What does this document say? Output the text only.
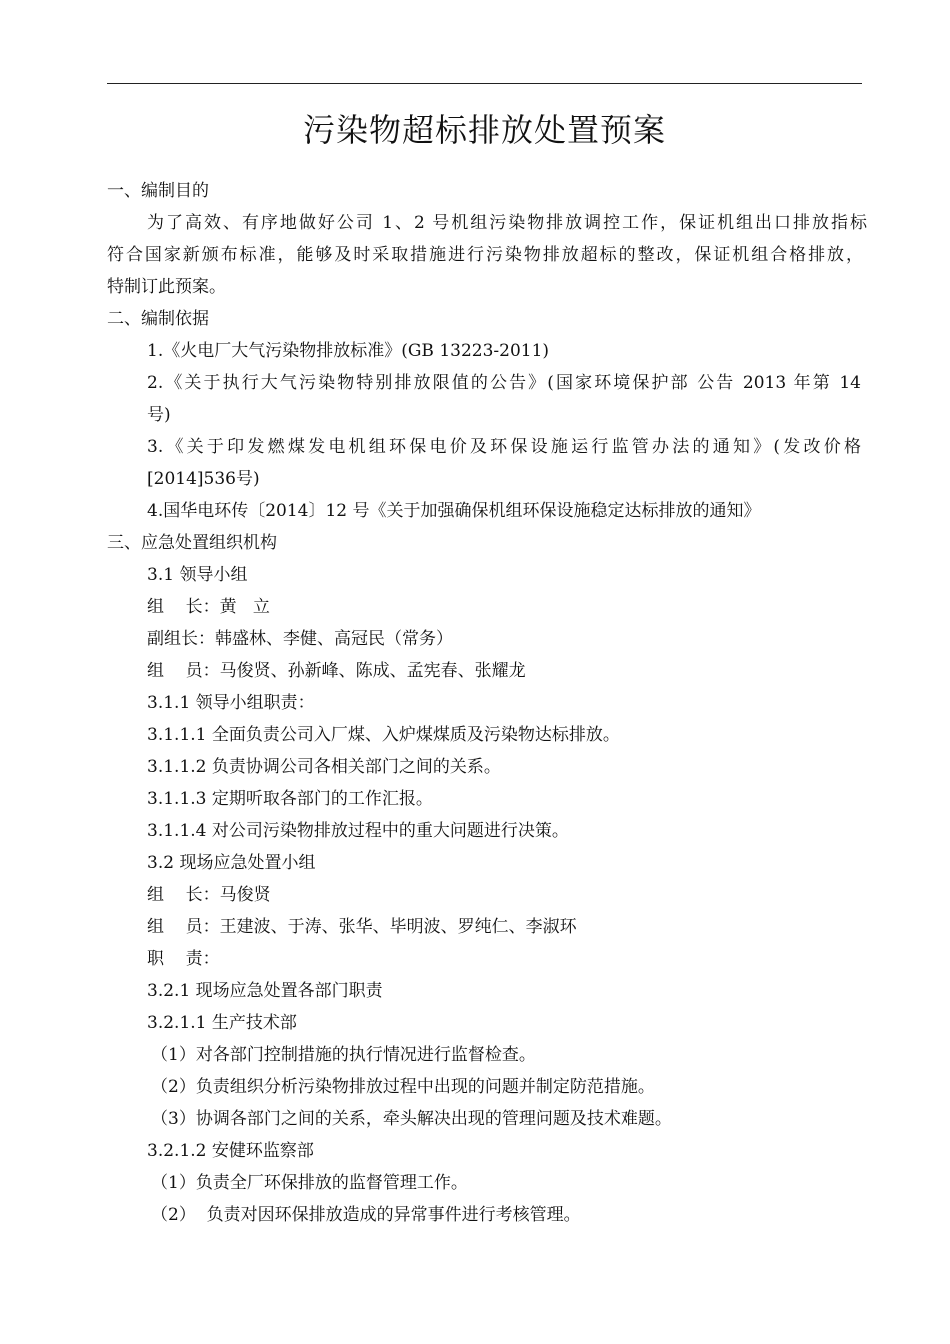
污染物超标排放处置预案
一、编制目的
为了高效、有序地做好公司 1、2 号机组污染物排放调控工作，保证机组出口排放指标
符合国家新颁布标准，能够及时采取措施进行污染物排放超标的整改，保证机组合格排放，
特制订此预案。
二、编制依据
1.《火电厂大气污染物排放标准》(GB 13223-2011)
2.《关于执行大气污染物特别排放限值的公告》(国家环境保护部 公告 2013 年第 14
号)
3.《关于印发燃煤发电机组环保电价及环保设施运行监管办法的通知》(发改价格
[2014]536号)
4.国华电环传〔2014〕12 号《关于加强确保机组环保设施稳定达标排放的通知》
三、应急处置组织机构
3.1 领导小组
组    长：黄   立
副组长：韩盛林、李健、高冠民（常务）
组    员：马俊贤、孙新峰、陈成、孟宪春、张耀龙
3.1.1 领导小组职责：
3.1.1.1 全面负责公司入厂煤、入炉煤煤质及污染物达标排放。
3.1.1.2 负责协调公司各相关部门之间的关系。
3.1.1.3 定期听取各部门的工作汇报。
3.1.1.4 对公司污染物排放过程中的重大问题进行决策。
3.2 现场应急处置小组
组    长：马俊贤
组    员：王建波、于涛、张华、毕明波、罗纯仁、李淑环
职    责：
3.2.1 现场应急处置各部门职责
3.2.1.1 生产技术部
（1）对各部门控制措施的执行情况进行监督检查。
（2）负责组织分析污染物排放过程中出现的问题并制定防范措施。
（3）协调各部门之间的关系，牵头解决出现的管理问题及技术难题。
3.2.1.2 安健环监察部
（1）负责全厂环保排放的监督管理工作。
（2）  负责对因环保排放造成的异常事件进行考核管理。
